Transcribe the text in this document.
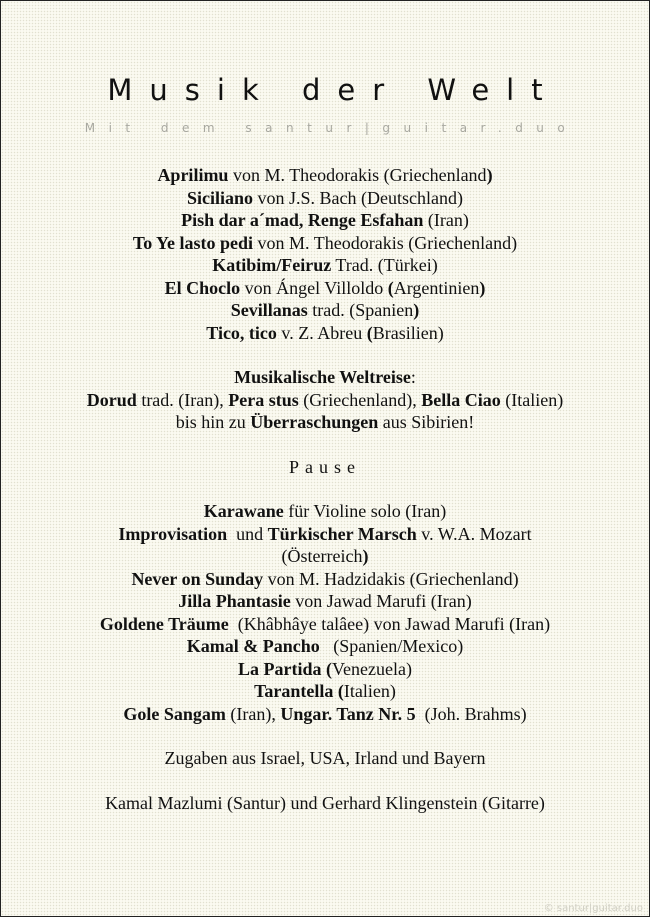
Musik der Welt
Mit dem santur|guitar.duo
Aprilimu von M. Theodorakis (Griechenland)
Siciliano von J.S. Bach (Deutschland)
Pish dar a´mad, Renge Esfahan (Iran)
To Ye lasto pedi von M. Theodorakis (Griechenland)
Katibim/Feiruz Trad. (Türkei)
El Choclo von Ángel Villoldo (Argentinien)
Sevillanas trad. (Spanien)
Tico, tico v. Z. Abreu (Brasilien)
Musikalische Weltreise:
Dorud trad. (Iran), Pera stus (Griechenland), Bella Ciao (Italien)
bis hin zu Überraschungen aus Sibirien!
Pause
Karawane für Violine solo (Iran)
Improvisation  und Türkischer Marsch v. W.A. Mozart
(Österreich)
Never on Sunday von M. Hadzidakis (Griechenland)
Jilla Phantasie von Jawad Marufi (Iran)
Goldene Träume  (Khâbhâye talâee) von Jawad Marufi (Iran)
Kamal & Pancho   (Spanien/Mexico)
La Partida (Venezuela)
Tarantella (Italien)
Gole Sangam (Iran), Ungar. Tanz Nr. 5  (Joh. Brahms)
Zugaben aus Israel, USA, Irland und Bayern
Kamal Mazlumi (Santur) und Gerhard Klingenstein (Gitarre)
© santur|guitar.duo
